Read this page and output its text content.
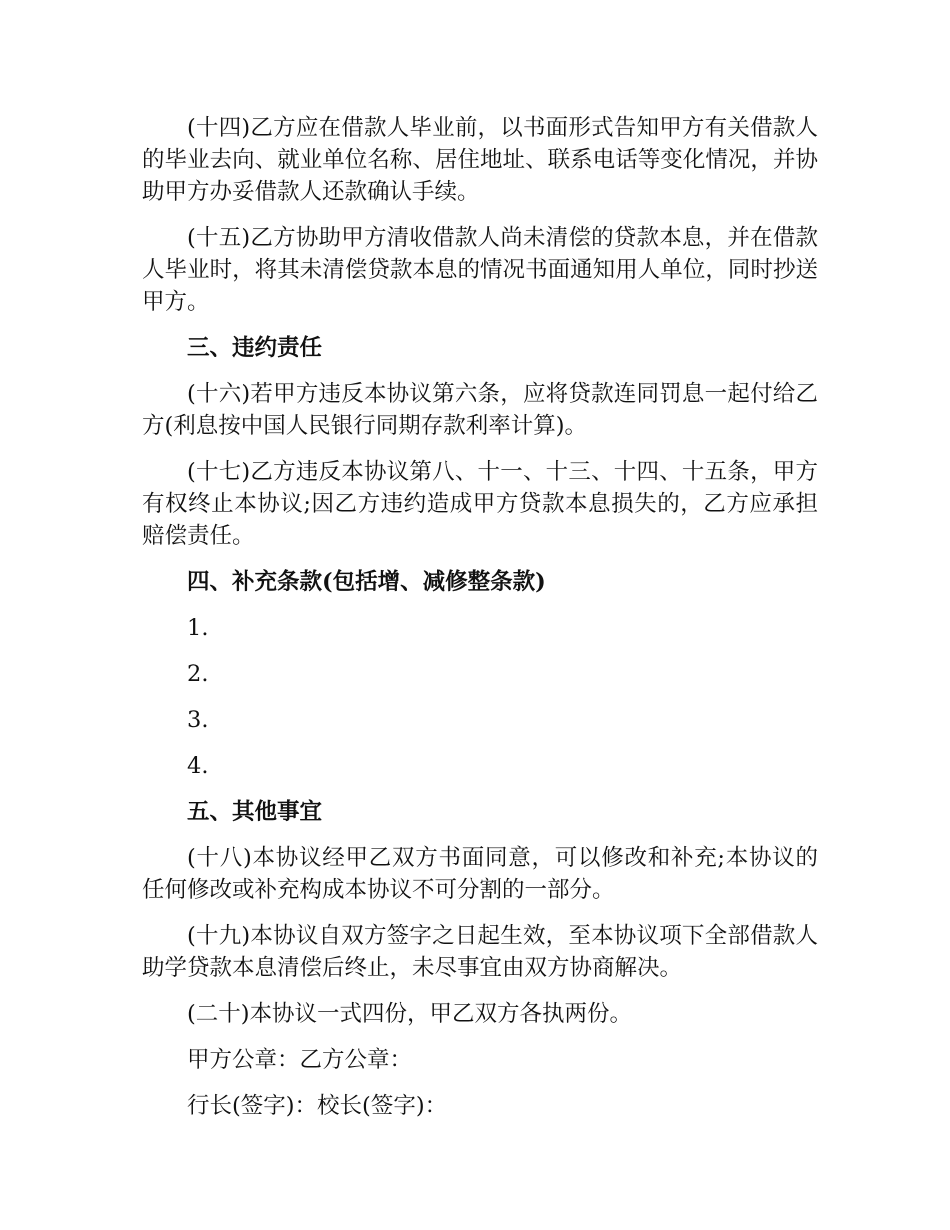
(十四)乙方应在借款人毕业前，以书面形式告知甲方有关借款人的毕业去向、就业单位名称、居住地址、联系电话等变化情况，并协助甲方办妥借款人还款确认手续。

(十五)乙方协助甲方清收借款人尚未清偿的贷款本息，并在借款人毕业时，将其未清偿贷款本息的情况书面通知用人单位，同时抄送甲方。

三、违约责任

(十六)若甲方违反本协议第六条，应将贷款连同罚息一起付给乙方(利息按中国人民银行同期存款利率计算)。

(十七)乙方违反本协议第八、十一、十三、十四、十五条，甲方有权终止本协议;因乙方违约造成甲方贷款本息损失的，乙方应承担赔偿责任。

四、补充条款(包括增、减修整条款)

1.

2.

3.

4.

五、其他事宜

(十八)本协议经甲乙双方书面同意，可以修改和补充;本协议的任何修改或补充构成本协议不可分割的一部分。

(十九)本协议自双方签字之日起生效，至本协议项下全部借款人助学贷款本息清偿后终止，未尽事宜由双方协商解决。

(二十)本协议一式四份，甲乙双方各执两份。

甲方公章：乙方公章：

行长(签字)：校长(签字)：
